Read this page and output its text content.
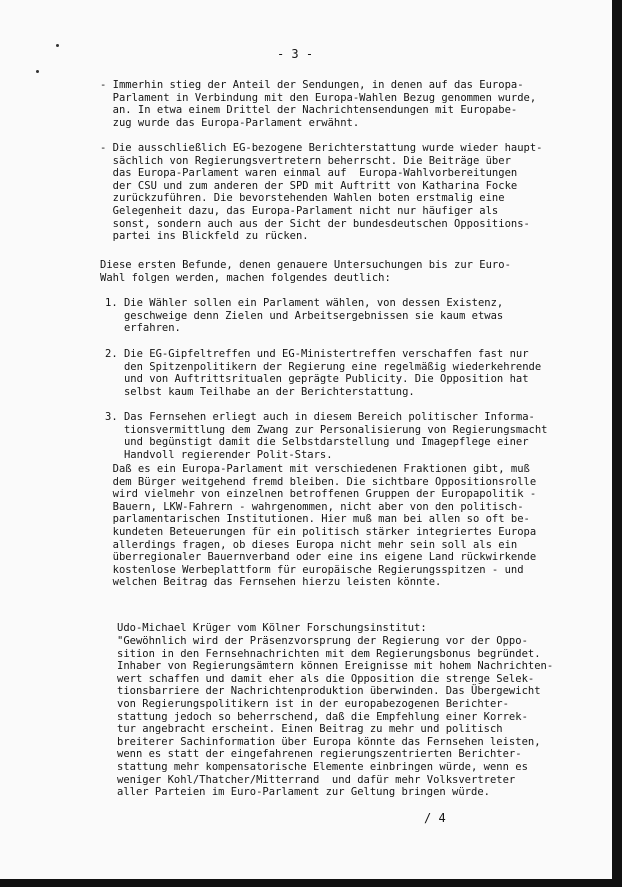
- 3 -
- Immerhin stieg der Anteil der Sendungen, in denen auf das Europa-
Parlament in Verbindung mit den Europa-Wahlen Bezug genommen wurde,
an. In etwa einem Drittel der Nachrichtensendungen mit Europabe-
zug wurde das Europa-Parlament erwähnt.
- Die ausschließlich EG-bezogene Berichterstattung wurde wieder haupt-
sächlich von Regierungsvertretern beherrscht. Die Beiträge über
das Europa-Parlament waren einmal auf  Europa-Wahlvorbereitungen
der CSU und zum anderen der SPD mit Auftritt von Katharina Focke
zurückzuführen. Die bevorstehenden Wahlen boten erstmalig eine
Gelegenheit dazu, das Europa-Parlament nicht nur häufiger als
sonst, sondern auch aus der Sicht der bundesdeutschen Oppositions-
partei ins Blickfeld zu rücken.
Diese ersten Befunde, denen genauere Untersuchungen bis zur Euro-
Wahl folgen werden, machen folgendes deutlich:
1. Die Wähler sollen ein Parlament wählen, von dessen Existenz,
geschweige denn Zielen und Arbeitsergebnissen sie kaum etwas
erfahren.
2. Die EG-Gipfeltreffen und EG-Ministertreffen verschaffen fast nur
den Spitzenpolitikern der Regierung eine regelmäßig wiederkehrende
und von Auftrittsritualen geprägte Publicity. Die Opposition hat
selbst kaum Teilhabe an der Berichterstattung.
3. Das Fernsehen erliegt auch in diesem Bereich politischer Informa-
tionsvermittlung dem Zwang zur Personalisierung von Regierungsmacht
und begünstigt damit die Selbstdarstellung und Imagepflege einer
Handvoll regierender Polit-Stars.
Daß es ein Europa-Parlament mit verschiedenen Fraktionen gibt, muß
dem Bürger weitgehend fremd bleiben. Die sichtbare Oppositionsrolle
wird vielmehr von einzelnen betroffenen Gruppen der Europapolitik -
Bauern, LKW-Fahrern - wahrgenommen, nicht aber von den politisch-
parlamentarischen Institutionen. Hier muß man bei allen so oft be-
kundeten Beteuerungen für ein politisch stärker integriertes Europa
allerdings fragen, ob dieses Europa nicht mehr sein soll als ein
überregionaler Bauernverband oder eine ins eigene Land rückwirkende
kostenlose Werbeplattform für europäische Regierungsspitzen - und
welchen Beitrag das Fernsehen hierzu leisten könnte.
Udo-Michael Krüger vom Kölner Forschungsinstitut:
"Gewöhnlich wird der Präsenzvorsprung der Regierung vor der Oppo-
sition in den Fernsehnachrichten mit dem Regierungsbonus begründet.
Inhaber von Regierungsämtern können Ereignisse mit hohem Nachrichten-
wert schaffen und damit eher als die Opposition die strenge Selek-
tionsbarriere der Nachrichtenproduktion überwinden. Das Übergewicht
von Regierungspolitikern ist in der europabezogenen Berichter-
stattung jedoch so beherrschend, daß die Empfehlung einer Korrek-
tur angebracht erscheint. Einen Beitrag zu mehr und politisch
breiterer Sachinformation über Europa könnte das Fernsehen leisten,
wenn es statt der eingefahrenen regierungszentrierten Berichter-
stattung mehr kompensatorische Elemente einbringen würde, wenn es
weniger Kohl/Thatcher/Mitterrand  und dafür mehr Volksvertreter
aller Parteien im Euro-Parlament zur Geltung bringen würde.
/ 4
